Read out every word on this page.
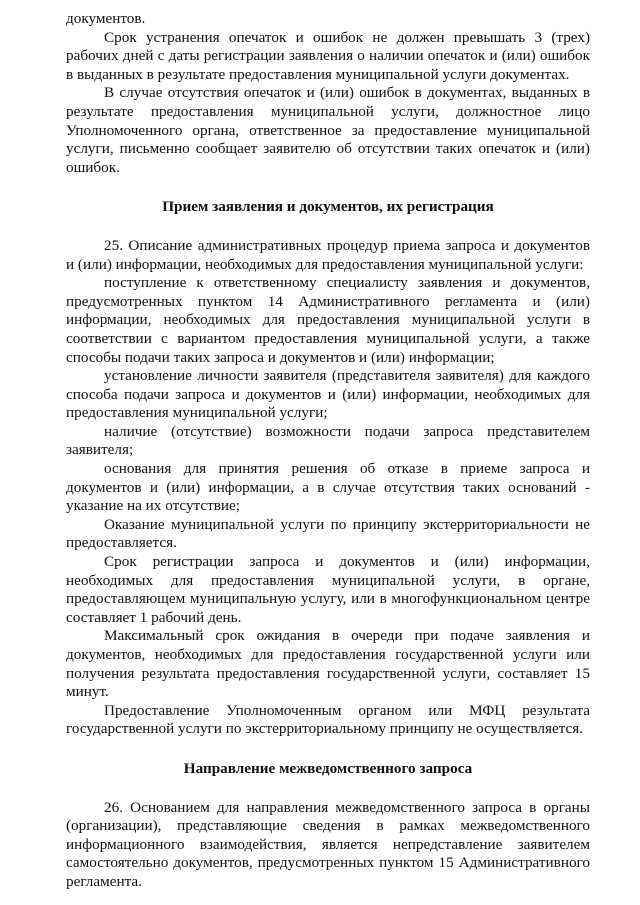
документов.

Срок устранения опечаток и ошибок не должен превышать 3 (трех) рабочих дней с даты регистрации заявления о наличии опечаток и (или) ошибок в выданных в результате предоставления муниципальной услуги документах.

В случае отсутствия опечаток и (или) ошибок в документах, выданных в результате предоставления муниципальной услуги, должностное лицо Уполномоченного органа, ответственное за предоставление муниципальной услуги, письменно сообщает заявителю об отсутствии таких опечаток и (или) ошибок.

Прием заявления и документов, их регистрация

25. Описание административных процедур приема запроса и документов и (или) информации, необходимых для предоставления муниципальной услуги:

поступление к ответственному специалисту заявления и документов, предусмотренных пунктом 14 Административного регламента и (или) информации, необходимых для предоставления муниципальной услуги в соответствии с вариантом предоставления муниципальной услуги, а также способы подачи таких запроса и документов и (или) информации;

установление личности заявителя (представителя заявителя) для каждого способа подачи запроса и документов и (или) информации, необходимых для предоставления муниципальной услуги;

наличие (отсутствие) возможности подачи запроса представителем заявителя;

основания для принятия решения об отказе в приеме запроса и документов и (или) информации, а в случае отсутствия таких оснований - указание на их отсутствие;

Оказание муниципальной услуги по принципу экстерриториальности не предоставляется.

Срок регистрации запроса и документов и (или) информации, необходимых для предоставления муниципальной услуги, в органе, предоставляющем муниципальную услугу, или в многофункциональном центре составляет 1 рабочий день.

Максимальный срок ожидания в очереди при подаче заявления и документов, необходимых для предоставления государственной услуги или получения результата предоставления государственной услуги, составляет 15 минут.

Предоставление Уполномоченным органом или МФЦ результата государственной услуги по экстерриториальному принципу не осуществляется.

Направление межведомственного запроса

26. Основанием для направления межведомственного запроса в органы (организации), представляющие сведения в рамках межведомственного информационного взаимодействия, является непредставление заявителем самостоятельно документов, предусмотренных пунктом 15 Административного регламента.
